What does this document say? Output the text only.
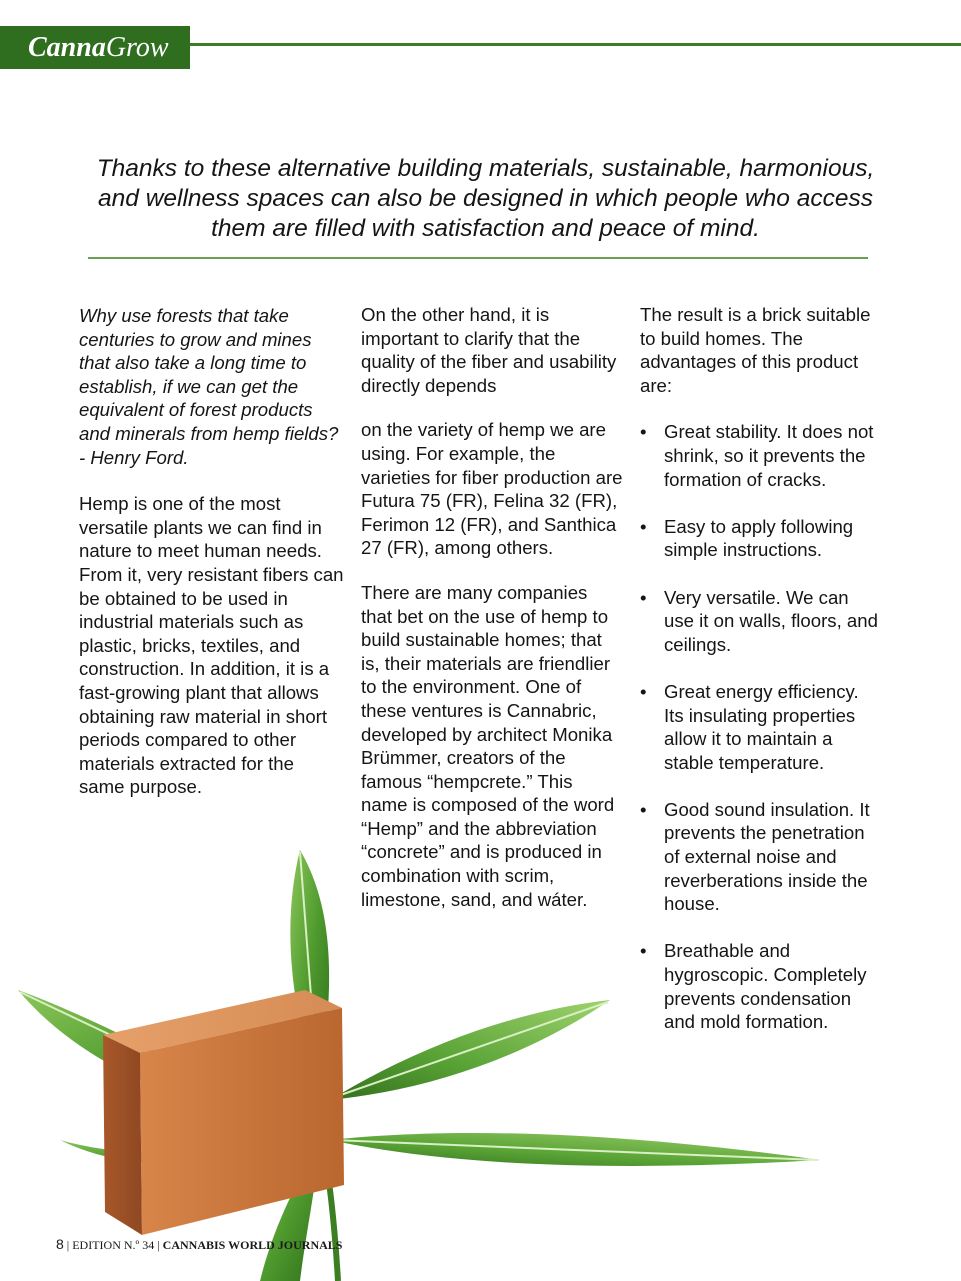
Canna Grow
Thanks to these alternative building materials, sustainable, harmonious, and wellness spaces can also be designed in which people who access them are filled with satisfaction and peace of mind.

Why use forests that take centuries to grow and mines that also take a long time to establish, if we can get the equivalent of forest products and minerals from hemp fields? - Henry Ford.

Hemp is one of the most versatile plants we can find in nature to meet human needs. From it, very resistant fibers can be obtained to be used in industrial materials such as plastic, bricks, textiles, and construction. In addition, it is a fast-growing plant that allows obtaining raw material in short periods compared to other materials extracted for the same purpose.

On the other hand, it is important to clarify that the quality of the fiber and usability directly depends

on the variety of hemp we are using. For example, the varieties for fiber production are Futura 75 (FR), Felina 32 (FR), Ferimon 12 (FR), and Santhica 27 (FR), among others.

There are many companies that bet on the use of hemp to build sustainable homes; that is, their materials are friendlier to the environment. One of these ventures is Cannabric, developed by architect Monika Brümmer, creators of the famous “hempcrete.” This name is composed of the word “Hemp” and the abbreviation “concrete” and is produced in combination with scrim, limestone, sand, and wáter.

The result is a brick suitable to build homes. The advantages of this product are:

• Great stability. It does not shrink, so it prevents the formation of cracks.
• Easy to apply following simple instructions.
• Very versatile. We can use it on walls, floors, and ceilings.
• Great energy efficiency. Its insulating properties allow it to maintain a stable temperature.
• Good sound insulation. It prevents the penetration of external noise and reverberations inside the house.
• Breathable and hygroscopic. Completely prevents condensation and mold formation.
8 | EDITION N.º 34 | CANNABIS WORLD JOURNALS
